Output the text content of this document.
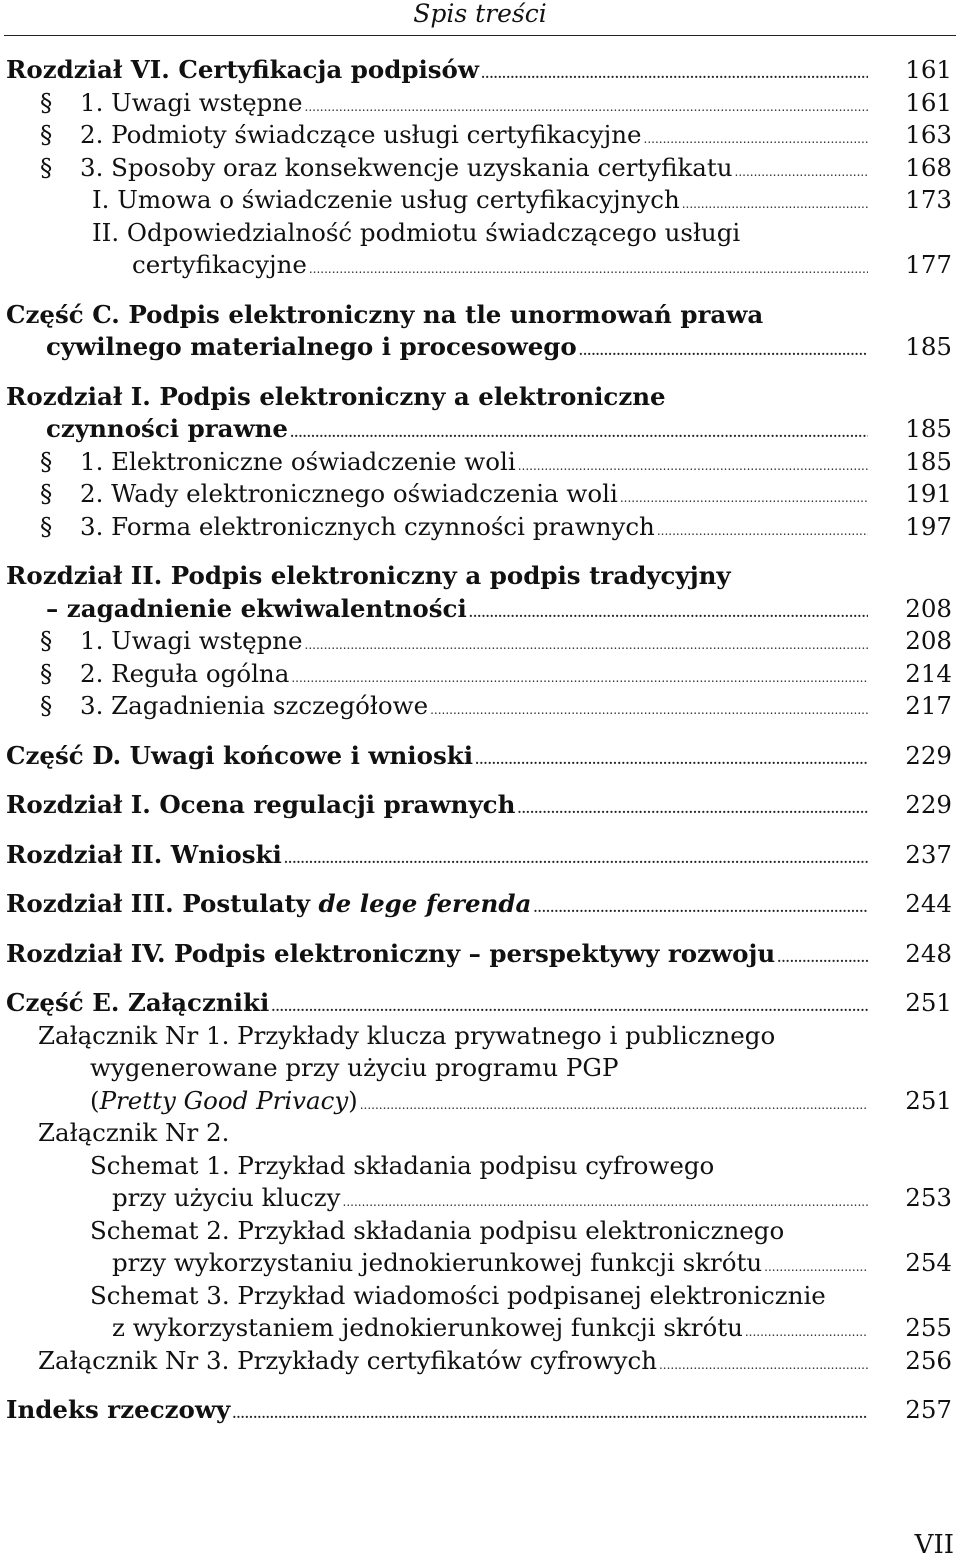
Spis treści
Rozdział VI. Certyfikacja podpisów .....	161
§ 1. Uwagi wstępne .....	161
§ 2. Podmioty świadczące usługi certyfikacyjne .....	163
§ 3. Sposoby oraz konsekwencje uzyskania certyfikatu .....	168
I. Umowa o świadczenie usług certyfikacyjnych .....	173
II. Odpowiedzialność podmiotu świadczącego usługi
certyfikacyjne .....	177
Część C. Podpis elektroniczny na tle unormowań prawa
cywilnego materialnego i procesowego .....	185
Rozdział I. Podpis elektroniczny a elektroniczne
czynności prawne .....	185
§ 1. Elektroniczne oświadczenie woli .....	185
§ 2. Wady elektronicznego oświadczenia woli .....	191
§ 3. Forma elektronicznych czynności prawnych .....	197
Rozdział II. Podpis elektroniczny a podpis tradycyjny
– zagadnienie ekwiwalentności .....	208
§ 1. Uwagi wstępne .....	208
§ 2. Reguła ogólna .....	214
§ 3. Zagadnienia szczegółowe .....	217
Część D. Uwagi końcowe i wnioski .....	229
Rozdział I. Ocena regulacji prawnych .....	229
Rozdział II. Wnioski .....	237
Rozdział III. Postulaty de lege ferenda .....	244
Rozdział IV. Podpis elektroniczny – perspektywy rozwoju .....	248
Część E. Załączniki .....	251
Załącznik Nr 1. Przykłady klucza prywatnego i publicznego
wygenerowane przy użyciu programu PGP
(Pretty Good Privacy) .....	251
Załącznik Nr 2.
Schemat 1. Przykład składania podpisu cyfrowego
przy użyciu kluczy .....	253
Schemat 2. Przykład składania podpisu elektronicznego
przy wykorzystaniu jednokierunkowej funkcji skrótu .....	254
Schemat 3. Przykład wiadomości podpisanej elektronicznie
z wykorzystaniem jednokierunkowej funkcji skrótu .....	255
Załącznik Nr 3. Przykłady certyfikatów cyfrowych .....	256
Indeks rzeczowy .....	257
VII
